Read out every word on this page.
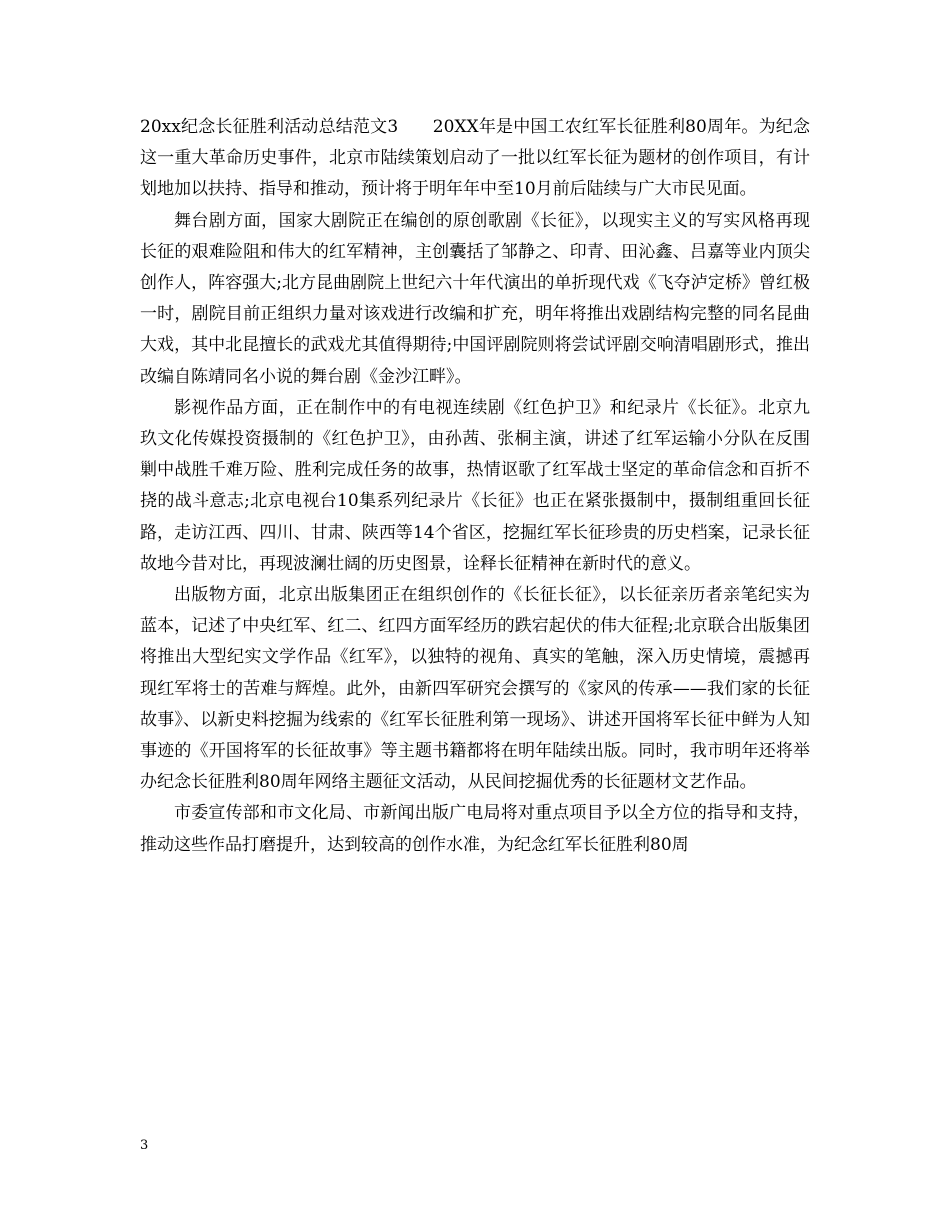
20xx纪念长征胜利活动总结范文3　　20XX年是中国工农红军长征胜利80周年。为纪念这一重大革命历史事件，北京市陆续策划启动了一批以红军长征为题材的创作项目，有计划地加以扶持、指导和推动，预计将于明年年中至10月前后陆续与广大市民见面。

舞台剧方面，国家大剧院正在编创的原创歌剧《长征》，以现实主义的写实风格再现长征的艰难险阻和伟大的红军精神，主创囊括了邹静之、印青、田沁鑫、吕嘉等业内顶尖创作人，阵容强大;北方昆曲剧院上世纪六十年代演出的单折现代戏《飞夺泸定桥》曾红极一时，剧院目前正组织力量对该戏进行改编和扩充，明年将推出戏剧结构完整的同名昆曲大戏，其中北昆擅长的武戏尤其值得期待;中国评剧院则将尝试评剧交响清唱剧形式，推出改编自陈靖同名小说的舞台剧《金沙江畔》。

影视作品方面，正在制作中的有电视连续剧《红色护卫》和纪录片《长征》。北京九玖文化传媒投资摄制的《红色护卫》，由孙茜、张桐主演，讲述了红军运输小分队在反围剿中战胜千难万险、胜利完成任务的故事，热情讴歌了红军战士坚定的革命信念和百折不挠的战斗意志;北京电视台10集系列纪录片《长征》也正在紧张摄制中，摄制组重回长征路，走访江西、四川、甘肃、陕西等14个省区，挖掘红军长征珍贵的历史档案，记录长征故地今昔对比，再现波澜壮阔的历史图景，诠释长征精神在新时代的意义。

出版物方面，北京出版集团正在组织创作的《长征长征》，以长征亲历者亲笔纪实为蓝本，记述了中央红军、红二、红四方面军经历的跌宕起伏的伟大征程;北京联合出版集团将推出大型纪实文学作品《红军》，以独特的视角、真实的笔触，深入历史情境，震撼再现红军将士的苦难与辉煌。此外，由新四军研究会撰写的《家风的传承——我们家的长征故事》、以新史料挖掘为线索的《红军长征胜利第一现场》、讲述开国将军长征中鲜为人知事迹的《开国将军的长征故事》等主题书籍都将在明年陆续出版。同时，我市明年还将举办纪念长征胜利80周年网络主题征文活动，从民间挖掘优秀的长征题材文艺作品。

市委宣传部和市文化局、市新闻出版广电局将对重点项目予以全方位的指导和支持，推动这些作品打磨提升，达到较高的创作水准，为纪念红军长征胜利80周

3
